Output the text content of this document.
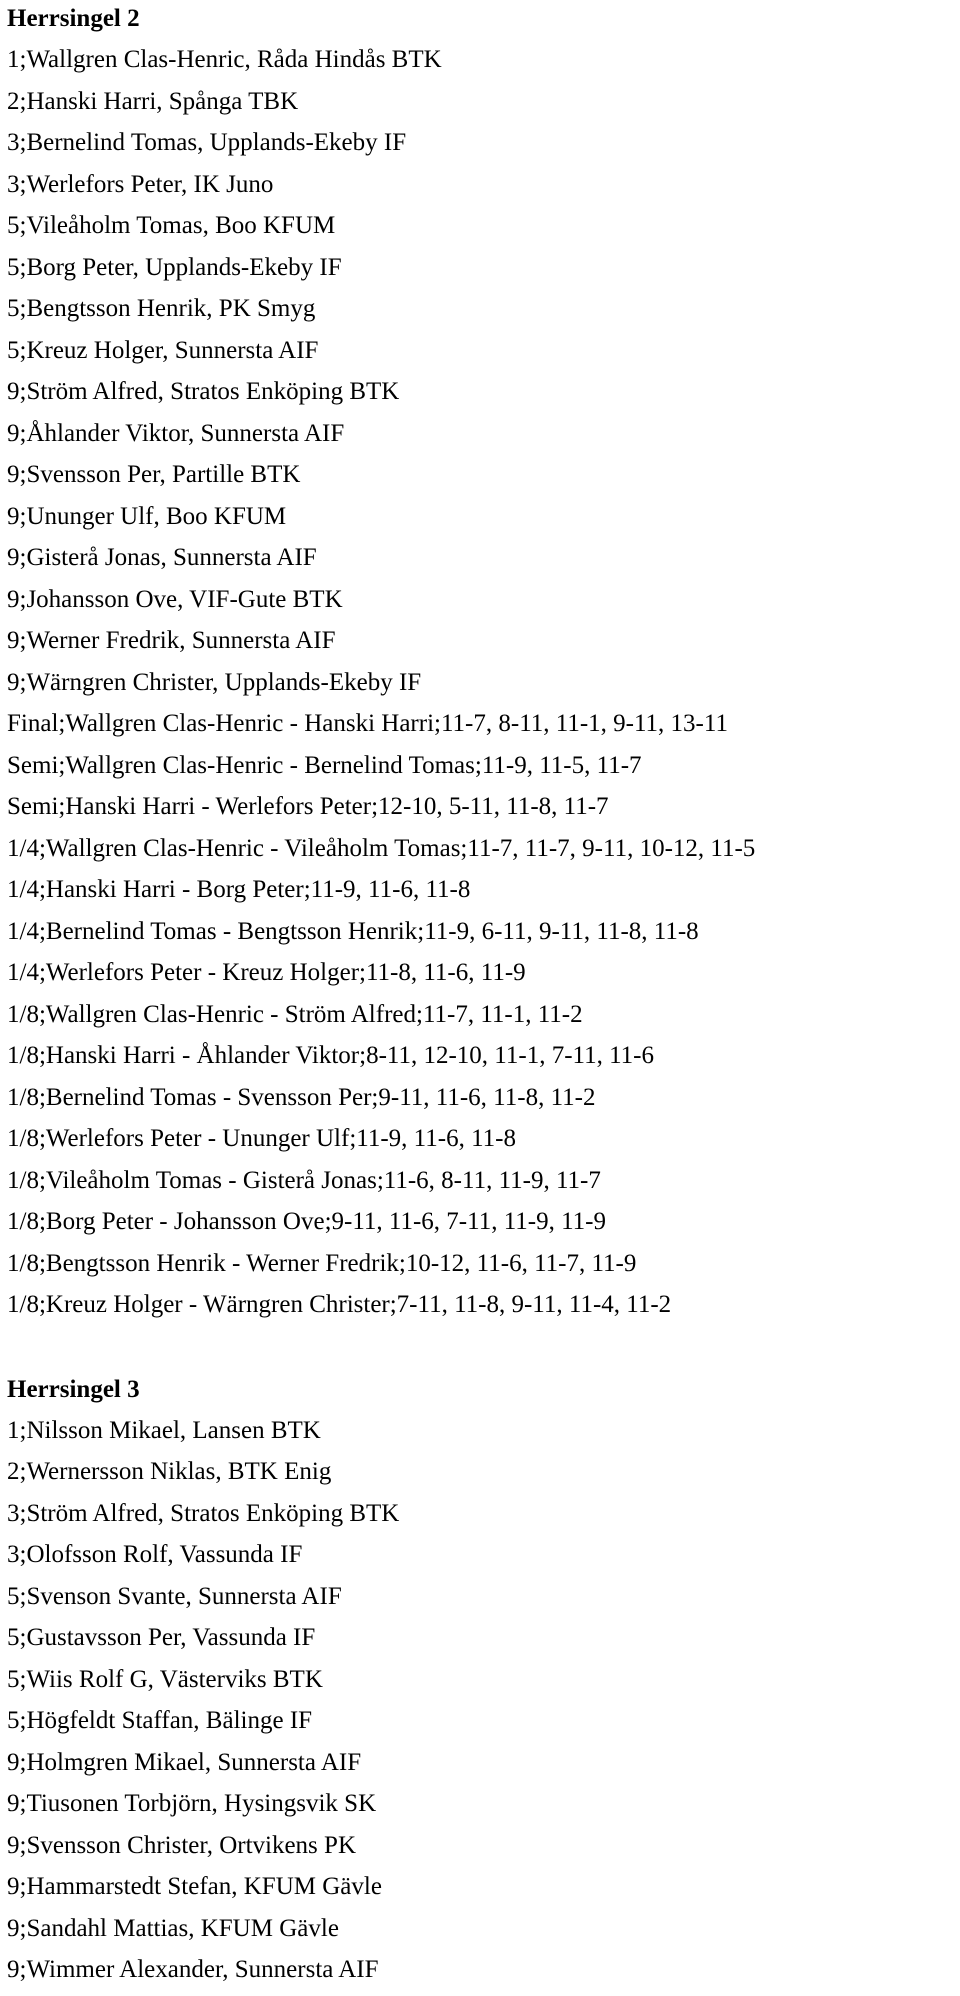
Herrsingel 2
1;Wallgren Clas-Henric, Råda Hindås BTK
2;Hanski Harri, Spånga TBK
3;Bernelind Tomas, Upplands-Ekeby IF
3;Werlefors Peter, IK Juno
5;Vileåholm Tomas, Boo KFUM
5;Borg Peter, Upplands-Ekeby IF
5;Bengtsson Henrik, PK Smyg
5;Kreuz Holger, Sunnersta AIF
9;Ström Alfred, Stratos Enköping BTK
9;Åhlander Viktor, Sunnersta AIF
9;Svensson Per, Partille BTK
9;Ununger Ulf, Boo KFUM
9;Gisterå Jonas, Sunnersta AIF
9;Johansson Ove, VIF-Gute BTK
9;Werner Fredrik, Sunnersta AIF
9;Wärngren Christer, Upplands-Ekeby IF
Final;Wallgren Clas-Henric - Hanski Harri;11-7, 8-11, 11-1, 9-11, 13-11
Semi;Wallgren Clas-Henric - Bernelind Tomas;11-9, 11-5, 11-7
Semi;Hanski Harri - Werlefors Peter;12-10, 5-11, 11-8, 11-7
1/4;Wallgren Clas-Henric - Vileåholm Tomas;11-7, 11-7, 9-11, 10-12, 11-5
1/4;Hanski Harri - Borg Peter;11-9, 11-6, 11-8
1/4;Bernelind Tomas - Bengtsson Henrik;11-9, 6-11, 9-11, 11-8, 11-8
1/4;Werlefors Peter - Kreuz Holger;11-8, 11-6, 11-9
1/8;Wallgren Clas-Henric - Ström Alfred;11-7, 11-1, 11-2
1/8;Hanski Harri - Åhlander Viktor;8-11, 12-10, 11-1, 7-11, 11-6
1/8;Bernelind Tomas - Svensson Per;9-11, 11-6, 11-8, 11-2
1/8;Werlefors Peter - Ununger Ulf;11-9, 11-6, 11-8
1/8;Vileåholm Tomas - Gisterå Jonas;11-6, 8-11, 11-9, 11-7
1/8;Borg Peter - Johansson Ove;9-11, 11-6, 7-11, 11-9, 11-9
1/8;Bengtsson Henrik - Werner Fredrik;10-12, 11-6, 11-7, 11-9
1/8;Kreuz Holger - Wärngren Christer;7-11, 11-8, 9-11, 11-4, 11-2
Herrsingel 3
1;Nilsson Mikael, Lansen BTK
2;Wernersson Niklas, BTK Enig
3;Ström Alfred, Stratos Enköping BTK
3;Olofsson Rolf, Vassunda IF
5;Svenson Svante, Sunnersta AIF
5;Gustavsson Per, Vassunda IF
5;Wiis Rolf G, Västerviks BTK
5;Högfeldt Staffan, Bälinge IF
9;Holmgren Mikael, Sunnersta AIF
9;Tiusonen Torbjörn, Hysingsvik SK
9;Svensson Christer, Ortvikens PK
9;Hammarstedt Stefan, KFUM Gävle
9;Sandahl Mattias, KFUM Gävle
9;Wimmer Alexander, Sunnersta AIF
